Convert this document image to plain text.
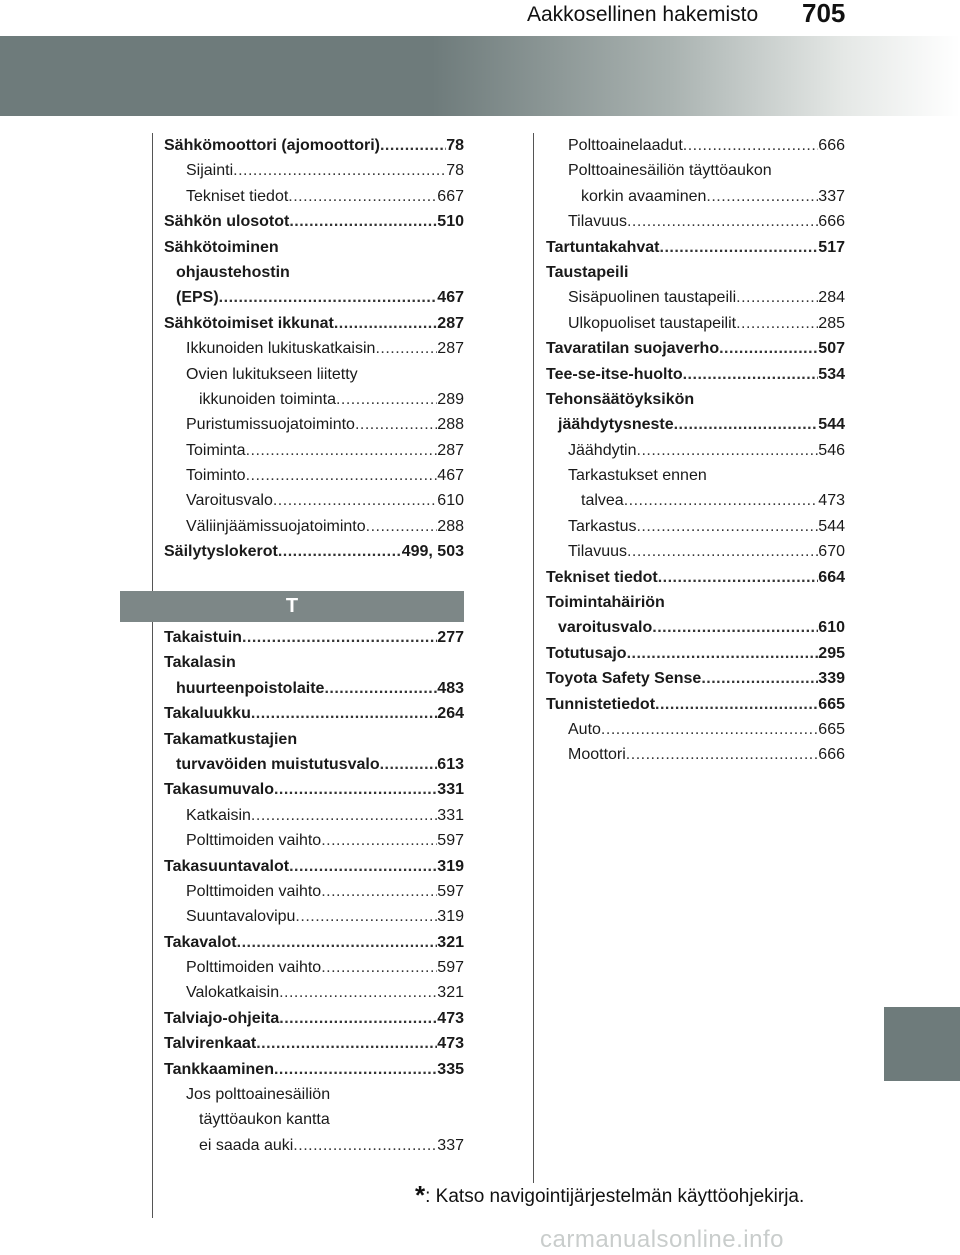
Aakkosellinen hakemisto 705
Sähkömoottori (ajomoottori) .....	78
Sijainti .....	78
Tekniset tiedot .....	667
Sähkön ulosotot .....	510
Sähkötoiminen
ohjaustehostin
(EPS) .....	467
Sähkötoimiset ikkunat .....	287
Ikkunoiden lukituskatkaisin .....	287
Ovien lukitukseen liitetty
ikkunoiden toiminta .....	289
Puristumissuojatoiminto .....	288
Toiminta .....	287
Toiminto .....	467
Varoitusvalo .....	610
Väliinjäämissuojatoiminto .....	288
Säilytyslokerot .....	499, 503
T
Takaistuin .....	277
Takalasin
huurteenpoistolaite .....	483
Takaluukku .....	264
Takamatkustajien
turvavöiden muistutusvalo .....	613
Takasumuvalo .....	331
Katkaisin .....	331
Polttimoiden vaihto .....	597
Takasuuntavalot .....	319
Polttimoiden vaihto .....	597
Suuntavalovipu .....	319
Takavalot .....	321
Polttimoiden vaihto .....	597
Valokatkaisin .....	321
Talviajo-ohjeita .....	473
Talvirenkaat .....	473
Tankkaaminen .....	335
Jos polttoainesäiliön
täyttöaukon kantta
ei saada auki .....	337
Polttoainelaadut .....	666
Polttoainesäiliön täyttöaukon
korkin avaaminen .....	337
Tilavuus .....	666
Tartuntakahvat .....	517
Taustapeili
Sisäpuolinen taustapeili .....	284
Ulkopuoliset taustapeilit .....	285
Tavaratilan suojaverho .....	507
Tee-se-itse-huolto .....	534
Tehonsäätöyksikön
jäähdytysneste .....	544
Jäähdytin .....	546
Tarkastukset ennen
talvea .....	473
Tarkastus .....	544
Tilavuus .....	670
Tekniset tiedot .....	664
Toimintahäiriön
varoitusvalo .....	610
Totutusajo .....	295
Toyota Safety Sense .....	339
Tunnistetiedot .....	665
Auto .....	665
Moottori .....	666
*: Katso navigointijärjestelmän käyttöohjekirja.
carmanualsonline.info
